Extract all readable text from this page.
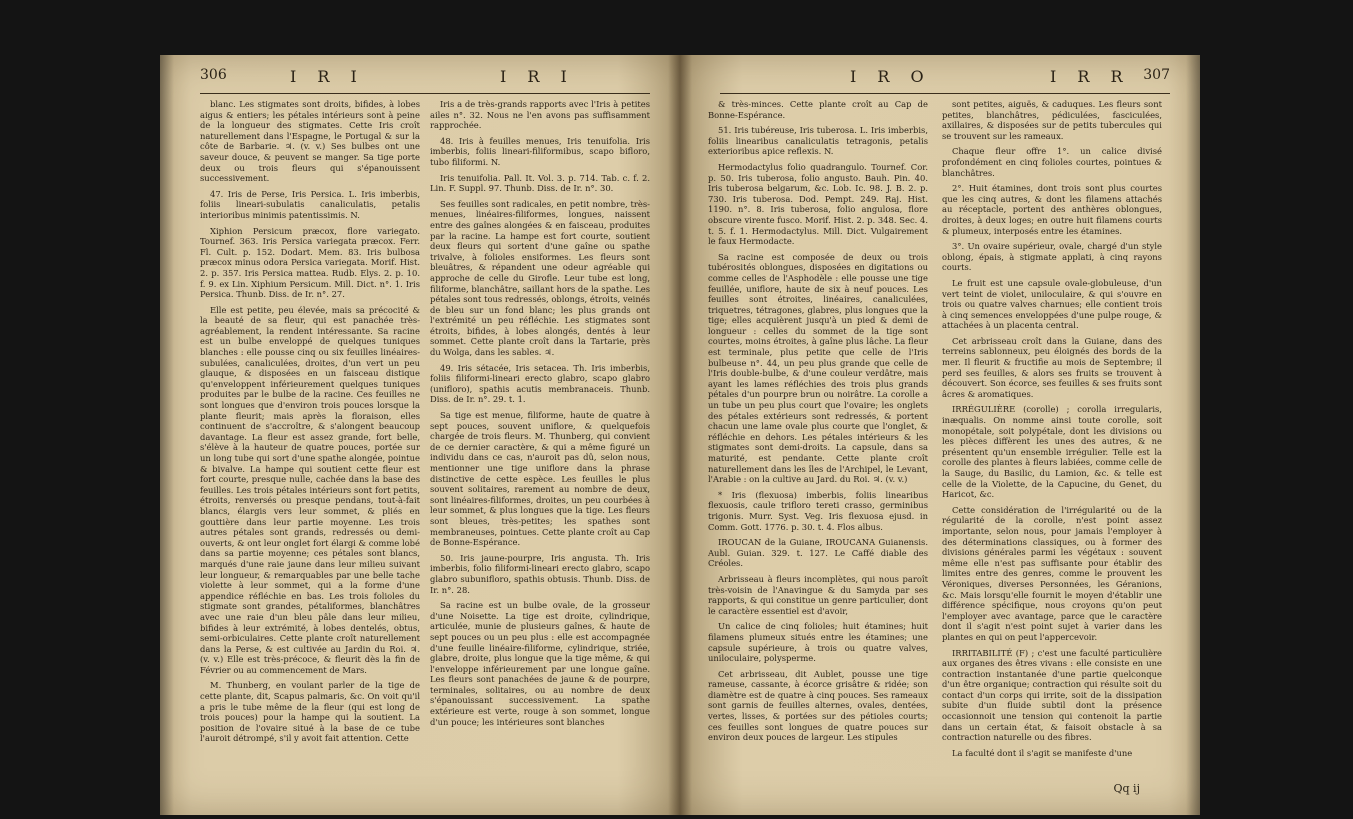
306	I R I	I R I

blanc. Les stigmates sont droits, bifides, à lobes aigus & entiers; les pétales intérieurs sont à peine de la longueur des stigmates. Cette Iris croît naturellement dans l'Espagne, le Portugal & sur la côte de Barbarie. ♃. (v. v.) Ses bulbes ont une saveur douce, & peuvent se manger. Sa tige porte deux ou trois fleurs qui s'épanouissent successivement.

47. Iris de Perse, Iris Persica. L. Iris imberbis, foliis lineari-subulatis canaliculatis, petalis interioribus minimis patentissimis. N.

Xiphion Persicum præcox, flore variegato. Tournef. 363. Iris Persica variegata præcox. Ferr. Fl. Cult. p. 152. Dodart. Mem. 83. Iris bulbosa præcox minus odora Persica variegata. Morif. Hist. 2. p. 357. Iris Persica mattea. Rudb. Elys. 2. p. 10. f. 9. ex Lin. Xiphium Persicum. Mill. Dict. n°. 1. Iris Persica. Thunb. Diss. de Ir. n°. 27.

Elle est petite, peu élevée, mais sa précocité & la beauté de sa fleur, qui est panachée très-agréablement, la rendent intéressante. Sa racine est un bulbe enveloppé de quelques tuniques blanches : elle pousse cinq ou six feuilles linéaires-subulées, canaliculées, droites, d'un vert un peu glauque, & disposées en un faisceau distique qu'enveloppent inférieurement quelques tuniques produites par le bulbe de la racine. Ces feuilles ne sont longues que d'environ trois pouces lorsque la plante fleurit; mais après la floraison, elles continuent de s'accroître, & s'alongent beaucoup davantage. La fleur est assez grande, fort belle, s'élève à la hauteur de quatre pouces, portée sur un long tube qui sort d'une spathe alongée, pointue & bivalve. La hampe qui soutient cette fleur est fort courte, presque nulle, cachée dans la base des feuilles. Les trois pétales intérieurs sont fort petits, étroits, renversés ou presque pendans, tout-à-fait blancs, élargis vers leur sommet, & pliés en gouttière dans leur partie moyenne. Les trois autres pétales sont grands, redressés ou demi-ouverts, & ont leur onglet fort élargi & comme lobé dans sa partie moyenne; ces pétales sont blancs, marqués d'une raie jaune dans leur milieu suivant leur longueur, & remarquables par une belle tache violette à leur sommet, qui a la forme d'une appendice réfléchie en bas. Les trois folioles du stigmate sont grandes, pétaliformes, blanchâtres avec une raie d'un bleu pâle dans leur milieu, bifides à leur extrémité, à lobes dentelés, obtus, semi-orbiculaires. Cette plante croît naturellement dans la Perse, & est cultivée au Jardin du Roi. ♃. (v. v.) Elle est très-précoce, & fleurit dès la fin de Février ou au commencement de Mars.

M. Thunberg, en voulant parler de la tige de cette plante, dit, Scapus palmaris, &c. On voit qu'il a pris le tube même de la fleur (qui est long de trois pouces) pour la hampe qui la soutient. La position de l'ovaire situé à la base de ce tube l'auroit détrompé, s'il y avoit fait attention. Cette

Iris a de très-grands rapports avec l'Iris à petites ailes n°. 32. Nous ne l'en avons pas suffisamment rapprochée.

48. Iris à feuilles menues, Iris tenuifolia. Iris imberbis, foliis lineari-filiformibus, scapo bifloro, tubo filiformi. N.

Iris tenuifolia. Pall. It. Vol. 3. p. 714. Tab. c. f. 2. Lin. F. Suppl. 97. Thunb. Diss. de Ir. n°. 30.

Ses feuilles sont radicales, en petit nombre, très-menues, linéaires-filiformes, longues, naissent entre des gaînes alongées & en faisceau, produites par la racine. La hampe est fort courte, soutient deux fleurs qui sortent d'une gaîne ou spathe trivalve, à folioles ensiformes. Les fleurs sont bleuâtres, & répandent une odeur agréable qui approche de celle du Girofle. Leur tube est long, filiforme, blanchâtre, saillant hors de la spathe. Les pétales sont tous redressés, oblongs, étroits, veinés de bleu sur un fond blanc; les plus grands ont l'extrémité un peu réfléchie. Les stigmates sont étroits, bifides, à lobes alongés, dentés à leur sommet. Cette plante croît dans la Tartarie, près du Wolga, dans les sables. ♃.

49. Iris sétacée, Iris setacea. Th. Iris imberbis, foliis filiformi-lineari erecto glabro, scapo glabro (unifloro), spathis acutis membranaceis. Thunb. Diss. de Ir. n°. 29. t. 1.

Sa tige est menue, filiforme, haute de quatre à sept pouces, souvent uniflore, & quelquefois chargée de trois fleurs. M. Thunberg, qui convient de ce dernier caractère, & qui a même figuré un individu dans ce cas, n'auroit pas dû, selon nous, mentionner une tige uniflore dans la phrase distinctive de cette espèce. Les feuilles le plus souvent solitaires, rarement au nombre de deux, sont linéaires-filiformes, droites, un peu courbées à leur sommet, & plus longues que la tige. Les fleurs sont bleues, très-petites; les spathes sont membraneuses, pointues. Cette plante croît au Cap de Bonne-Espérance.

50. Iris jaune-pourpre, Iris angusta. Th. Iris imberbis, folio filiformi-lineari erecto glabro, scapo glabro subunifloro, spathis obtusis. Thunb. Diss. de Ir. n°. 28.

Sa racine est un bulbe ovale, de la grosseur d'une Noisette. La tige est droite, cylindrique, articulée, munie de plusieurs gaînes, & haute de sept pouces ou un peu plus : elle est accompagnée d'une feuille linéaire-filiforme, cylindrique, striée, glabre, droite, plus longue que la tige même, & qui l'enveloppe inférieurement par une longue gaîne. Les fleurs sont panachées de jaune & de pourpre, terminales, solitaires, ou au nombre de deux s'épanouissant successivement. La spathe extérieure est verte, rouge à son sommet, longue d'un pouce; les intérieures sont blanches

I R O	I R R 307

& très-minces. Cette plante croît au Cap de Bonne-Espérance.

51. Iris tubéreuse, Iris tuberosa. L. Iris imberbis, foliis linearibus canaliculatis tetragonis, petalis exterioribus apice reflexis. N.

Hermodactylus folio quadrangulo. Tournef. Cor. p. 50. Iris tuberosa, folio angusto. Bauh. Pin. 40. Iris tuberosa belgarum, &c. Lob. Ic. 98. J. B. 2. p. 730. Iris tuberosa. Dod. Pempt. 249. Raj. Hist. 1190. n°. 8. Iris tuberosa, folio angulosa, flore obscure virente fusco. Morif. Hist. 2. p. 348. Sec. 4. t. 5. f. 1. Hermodactylus. Mill. Dict. Vulgairement le faux Hermodacte.

Sa racine est composée de deux ou trois tubérosités oblongues, disposées en digitations ou comme celles de l'Asphodèle : elle pousse une tige feuillée, uniflore, haute de six à neuf pouces. Les feuilles sont étroites, linéaires, canaliculées, triquetres, tétragones, glabres, plus longues que la tige; elles acquièrent jusqu'à un pied & demi de longueur : celles du sommet de la tige sont courtes, moins étroites, à gaîne plus lâche. La fleur est terminale, plus petite que celle de l'Iris bulbeuse n°. 44, un peu plus grande que celle de l'Iris double-bulbe, & d'une couleur verdâtre, mais ayant les lames réfléchies des trois plus grands pétales d'un pourpre brun ou noirâtre. La corolle a un tube un peu plus court que l'ovaire; les onglets des pétales extérieurs sont redressés, & portent chacun une lame ovale plus courte que l'onglet, & réfléchie en dehors. Les pétales intérieurs & les stigmates sont demi-droits. La capsule, dans sa maturité, est pendante. Cette plante croît naturellement dans les îles de l'Archipel, le Levant, l'Arabie : on la cultive au Jard. du Roi. ♃. (v. v.)

* Iris (flexuosa) imberbis, foliis linearibus flexuosis, caule trifloro tereti crasso, germinibus trigonis. Murr. Syst. Veg. Iris flexuosa ejusd. in Comm. Gott. 1776. p. 30. t. 4. Flos albus.

IROUCAN de la Guiane, IROUCANA Guianensis. Aubl. Guian. 329. t. 127. Le Caffé diable des Créoles.

Arbrisseau à fleurs incomplètes, qui nous paroît très-voisin de l'Anavingue & du Samyda par ses rapports, & qui constitue un genre particulier, dont le caractère essentiel est d'avoir,

Un calice de cinq folioles; huit étamines; huit filamens plumeux situés entre les étamines; une capsule supérieure, à trois ou quatre valves, uniloculaire, polysperme.

Cet arbrisseau, dit Aublet, pousse une tige rameuse, cassante, à écorce grisâtre & ridée; son diamètre est de quatre à cinq pouces. Ses rameaux sont garnis de feuilles alternes, ovales, dentées, vertes, lisses, & portées sur des pétioles courts; ces feuilles sont longues de quatre pouces sur environ deux pouces de largeur. Les stipules

sont petites, aiguës, & caduques. Les fleurs sont petites, blanchâtres, pédiculées, fasciculées, axillaires, & disposées sur de petits tubercules qui se trouvent sur les rameaux.

Chaque fleur offre 1°. un calice divisé profondément en cinq folioles courtes, pointues & blanchâtres.

2°. Huit étamines, dont trois sont plus courtes que les cinq autres, & dont les filamens attachés au réceptacle, portent des anthères oblongues, droites, à deux loges; en outre huit filamens courts & plumeux, interposés entre les étamines.

3°. Un ovaire supérieur, ovale, chargé d'un style oblong, épais, à stigmate applati, à cinq rayons courts.

Le fruit est une capsule ovale-globuleuse, d'un vert teint de violet, uniloculaire, & qui s'ouvre en trois ou quatre valves charnues; elle contient trois à cinq semences enveloppées d'une pulpe rouge, & attachées à un placenta central.

Cet arbrisseau croît dans la Guiane, dans des terreins sablonneux, peu éloignés des bords de la mer. Il fleurit & fructifie au mois de Septembre; il perd ses feuilles, & alors ses fruits se trouvent à découvert. Son écorce, ses feuilles & ses fruits sont âcres & aromatiques.

IRRÉGULIÈRE (corolle) ; corolla irregularis, inæqualis. On nomme ainsi toute corolle, soit monopétale, soit polypétale, dont les divisions ou les pièces diffèrent les unes des autres, & ne présentent qu'un ensemble irrégulier. Telle est la corolle des plantes à fleurs labiées, comme celle de la Sauge, du Basilic, du Lamion, &c. & telle est celle de la Violette, de la Capucine, du Genet, du Haricot, &c.

Cette considération de l'irrégularité ou de la régularité de la corolle, n'est point assez importante, selon nous, pour jamais l'employer à des déterminations classiques, ou à former des divisions générales parmi les végétaux : souvent même elle n'est pas suffisante pour établir des limites entre des genres, comme le prouvent les Véroniques, diverses Personnées, les Géranions, &c. Mais lorsqu'elle fournit le moyen d'établir une différence spécifique, nous croyons qu'on peut l'employer avec avantage, parce que le caractère dont il s'agit n'est point sujet à varier dans les plantes en qui on peut l'appercevoir.

IRRITABILITÉ (F) ; c'est une faculté particulière aux organes des êtres vivans : elle consiste en une contraction instantanée d'une partie quelconque d'un être organique; contraction qui résulte soit du contact d'un corps qui irrite, soit de la dissipation subite d'un fluide subtil dont la présence occasionnoit une tension qui contenoit la partie dans un certain état, & faisoit obstacle à sa contraction naturelle ou des fibres.

La faculté dont il s'agit se manifeste d'une

Qq ij
